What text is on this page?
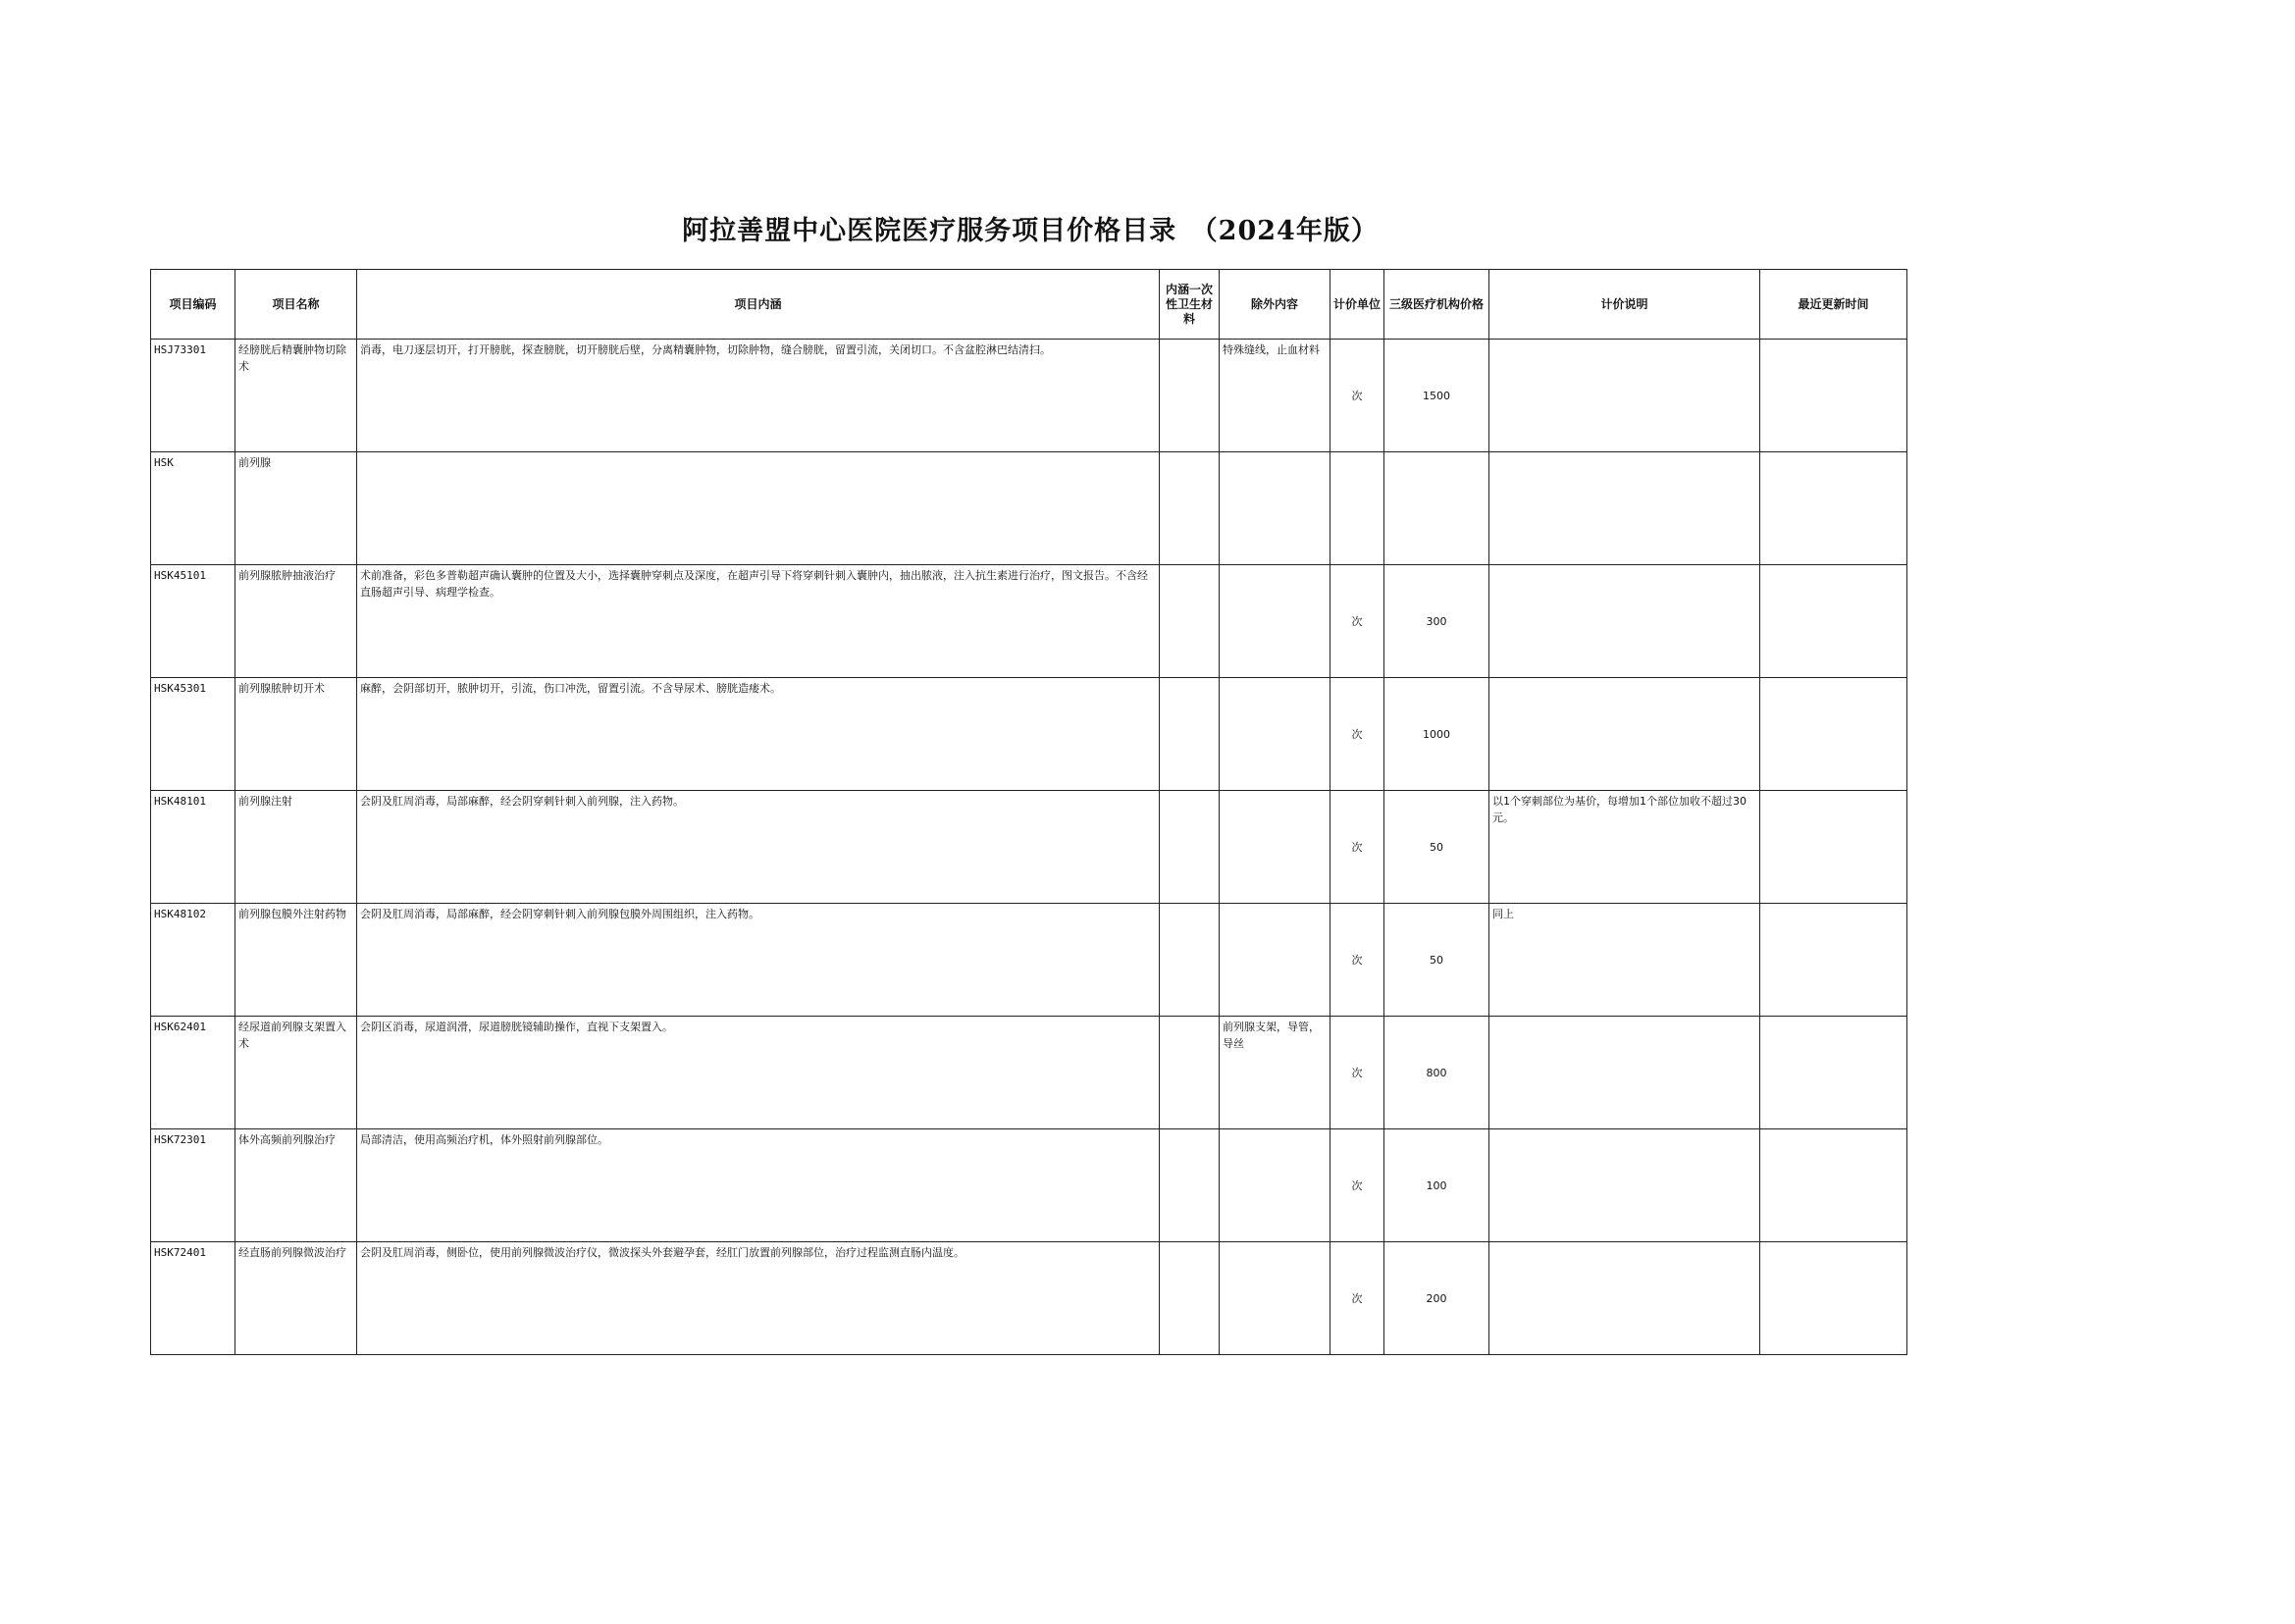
阿拉善盟中心医院医疗服务项目价格目录　（2024年版）
项目编码	项目名称	项目内涵	内涵一次性卫生材料	除外内容	计价单位	三级医疗机构价格	计价说明	最近更新时间
HSJ73301	经膀胱后精囊肿物切除术	消毒，电刀逐层切开，打开膀胱，探查膀胱，切开膀胱后壁，分离精囊肿物，切除肿物，缝合膀胱，留置引流，关闭切口。不含盆腔淋巴结清扫。		特殊缝线，止血材料	次	1500		
HSK	前列腺							
HSK45101	前列腺脓肿抽液治疗	术前准备，彩色多普勒超声确认囊肿的位置及大小，选择囊肿穿刺点及深度，在超声引导下将穿刺针刺入囊肿内，抽出脓液，注入抗生素进行治疗，图文报告。不含经直肠超声引导、病理学检查。			次	300		
HSK45301	前列腺脓肿切开术	麻醉，会阴部切开，脓肿切开，引流，伤口冲洗，留置引流。不含导尿术、膀胱造瘘术。			次	1000		
HSK48101	前列腺注射	会阴及肛周消毒，局部麻醉，经会阴穿刺针刺入前列腺，注入药物。			次	50	以1个穿刺部位为基价，每增加1个部位加收不超过30元。	
HSK48102	前列腺包膜外注射药物	会阴及肛周消毒，局部麻醉，经会阴穿刺针刺入前列腺包膜外周围组织，注入药物。			次	50	同上	
HSK62401	经尿道前列腺支架置入术	会阴区消毒，尿道润滑，尿道膀胱镜辅助操作，直视下支架置入。		前列腺支架，导管，导丝	次	800		
HSK72301	体外高频前列腺治疗	局部清洁，使用高频治疗机，体外照射前列腺部位。			次	100		
HSK72401	经直肠前列腺微波治疗	会阴及肛周消毒，侧卧位，使用前列腺微波治疗仪，微波探头外套避孕套，经肛门放置前列腺部位，治疗过程监测直肠内温度。			次	200		
